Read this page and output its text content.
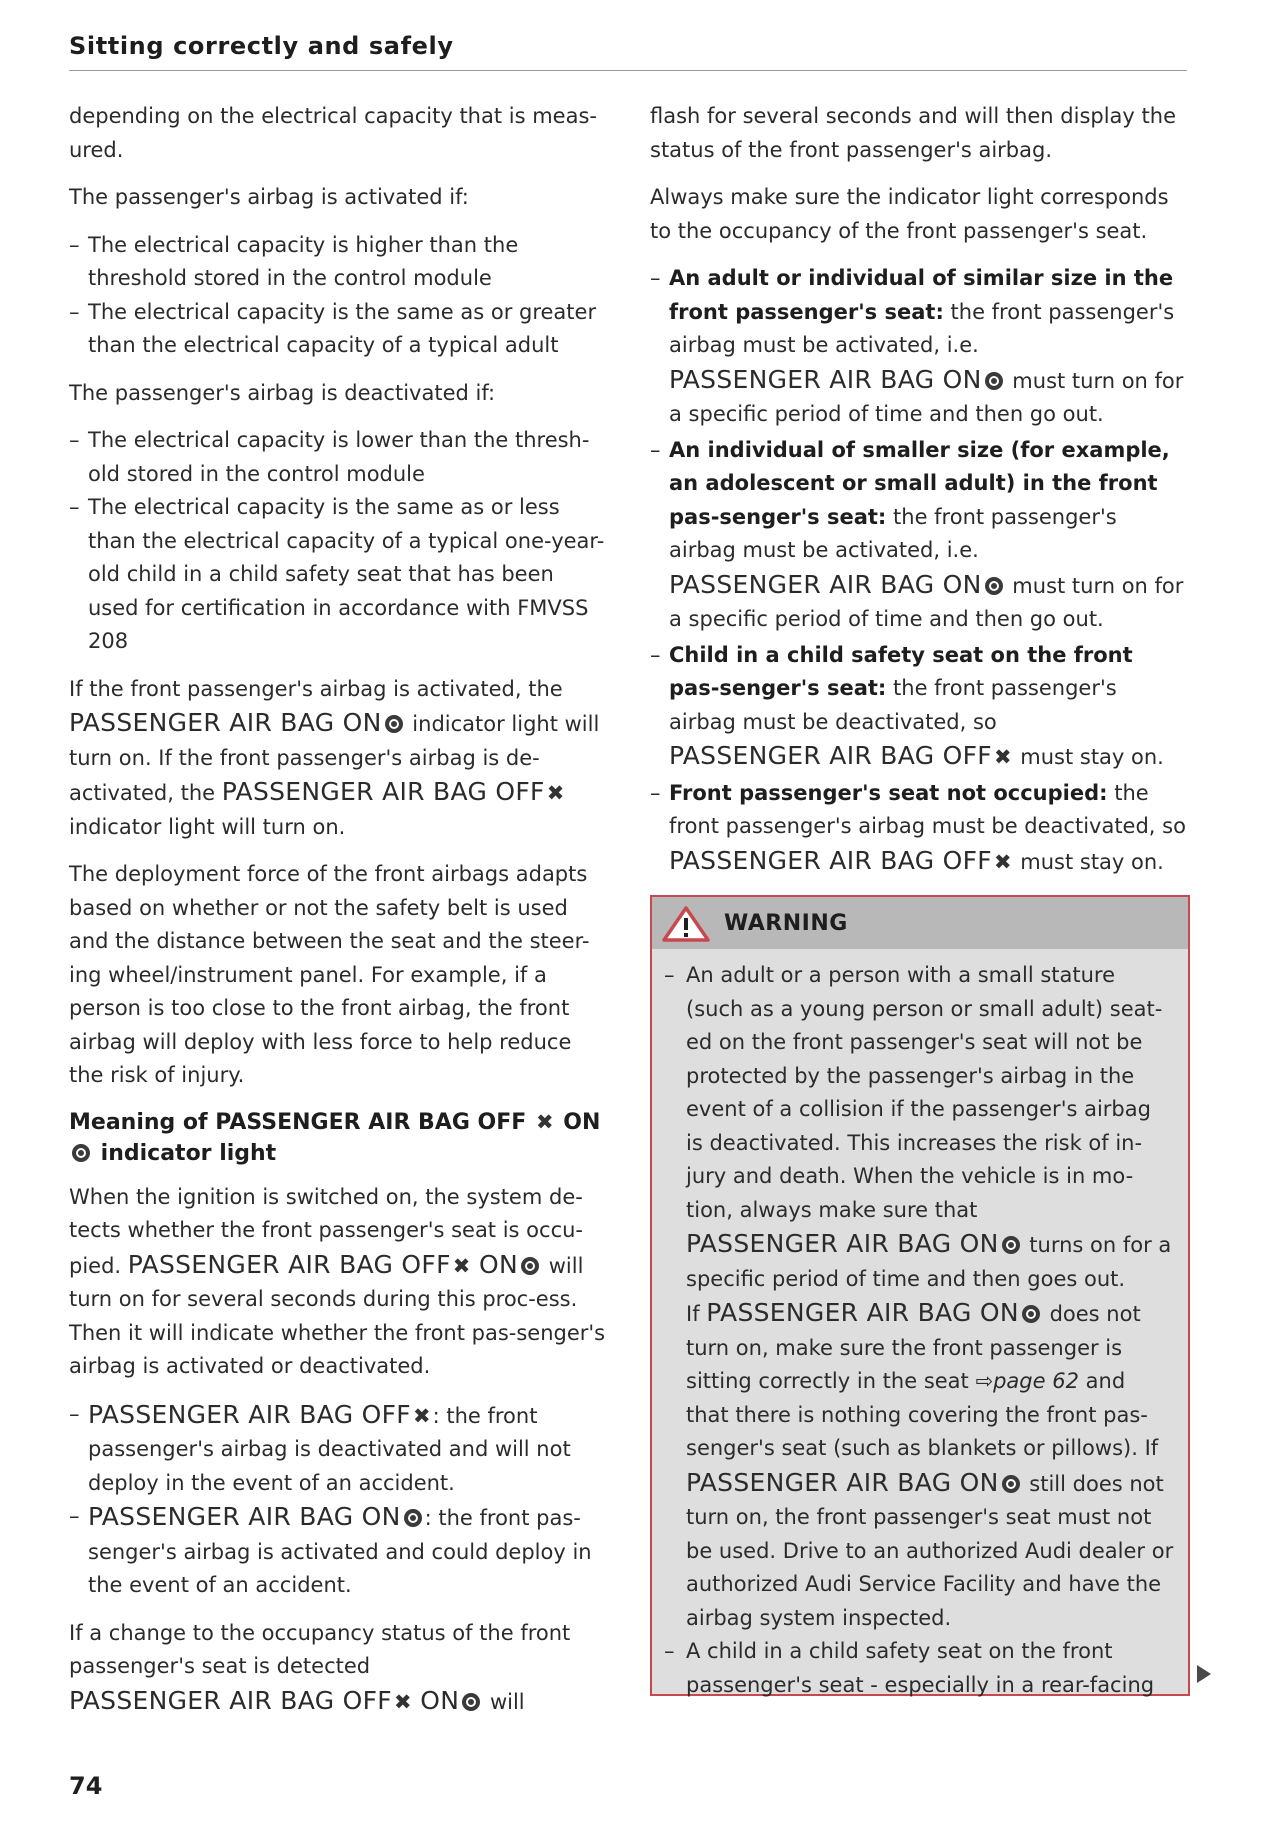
Sitting correctly and safely

depending on the electrical capacity that is meas-ured.

The passenger's airbag is activated if:

– The electrical capacity is higher than the threshold stored in the control module
– The electrical capacity is the same as or greater than the electrical capacity of a typical adult

The passenger's airbag is deactivated if:

– The electrical capacity is lower than the thresh-old stored in the control module
– The electrical capacity is the same as or less than the electrical capacity of a typical one-year-old child in a child safety seat that has been used for certification in accordance with FMVSS 208

If the front passenger's airbag is activated, the
PASSENGER AIR BAG ON indicator light will turn on. If the front passenger's airbag is de-activated, the PASSENGER AIR BAG OFF✖
indicator light will turn on.

The deployment force of the front airbags adapts based on whether or not the safety belt is used and the distance between the seat and the steer-ing wheel/instrument panel. For example, if a person is too close to the front airbag, the front airbag will deploy with less force to help reduce the risk of injury.

Meaning of PASSENGER AIR BAG OFF ✖ ON
indicator light

When the ignition is switched on, the system de-tects whether the front passenger's seat is occu-pied. PASSENGER AIR BAG OFF✖ ON will turn on for several seconds during this proc-ess. Then it will indicate whether the front pas-senger's airbag is activated or deactivated.

– PASSENGER AIR BAG OFF✖: the front passenger's airbag is deactivated and will not deploy in the event of an accident.
– PASSENGER AIR BAG ON : the front pas-senger's airbag is activated and could deploy in the event of an accident.

If a change to the occupancy status of the front passenger's seat is detected
PASSENGER AIR BAG OFF✖ ON will

flash for several seconds and will then display the status of the front passenger's airbag.

Always make sure the indicator light corresponds to the occupancy of the front passenger's seat.

– An adult or individual of similar size in the front passenger's seat: the front passenger's airbag must be activated, i.e.
PASSENGER AIR BAG ON must turn on for a specific period of time and then go out.
– An individual of smaller size (for example, an adolescent or small adult) in the front pas-senger's seat: the front passenger's airbag must be activated, i.e.
PASSENGER AIR BAG ON must turn on for a specific period of time and then go out.
– Child in a child safety seat on the front pas-senger's seat: the front passenger's airbag must be deactivated, so
PASSENGER AIR BAG OFF✖ must stay on.
– Front passenger's seat not occupied: the front passenger's airbag must be deactivated, so
PASSENGER AIR BAG OFF✖ must stay on.
WARNING
– An adult or a person with a small stature (such as a young person or small adult) seat-ed on the front passenger's seat will not be protected by the passenger's airbag in the event of a collision if the passenger's airbag is deactivated. This increases the risk of in-jury and death. When the vehicle is in mo-tion, always make sure that
PASSENGER AIR BAG ON turns on for a specific period of time and then goes out.
If PASSENGER AIR BAG ON does not turn on, make sure the front passenger is sitting correctly in the seat ⇨page 62 and that there is nothing covering the front pas-senger's seat (such as blankets or pillows). If
PASSENGER AIR BAG ON still does not turn on, the front passenger's seat must not be used. Drive to an authorized Audi dealer or authorized Audi Service Facility and have the airbag system inspected.
– A child in a child safety seat on the front passenger's seat - especially in a rear-facing
74
